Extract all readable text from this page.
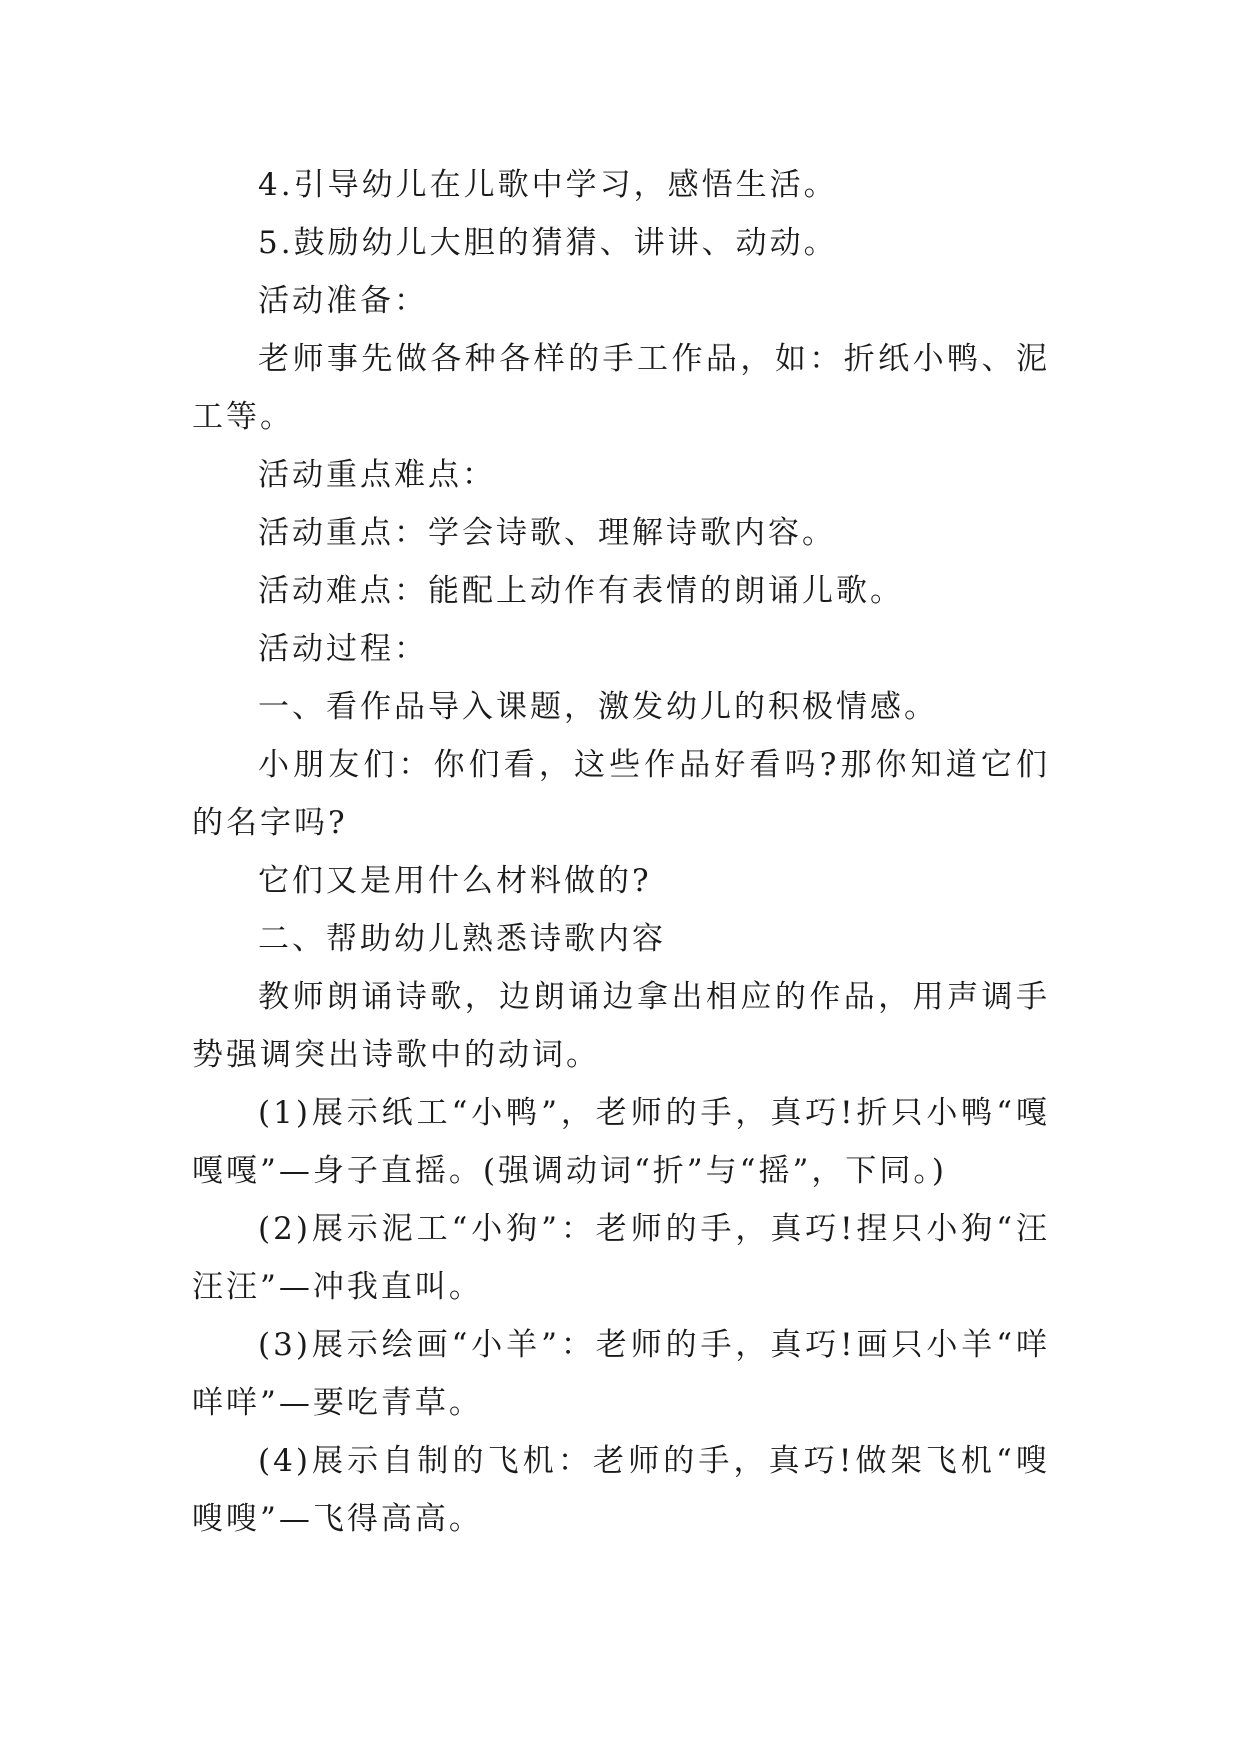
4.引导幼儿在儿歌中学习，感悟生活。

5.鼓励幼儿大胆的猜猜、讲讲、动动。

活动准备：

老师事先做各种各样的手工作品，如：折纸小鸭、泥工等。

活动重点难点：

活动重点：学会诗歌、理解诗歌内容。

活动难点：能配上动作有表情的朗诵儿歌。

活动过程：

一、看作品导入课题，激发幼儿的积极情感。

小朋友们：你们看，这些作品好看吗?那你知道它们的名字吗?

它们又是用什么材料做的?

二、帮助幼儿熟悉诗歌内容

教师朗诵诗歌，边朗诵边拿出相应的作品，用声调手势强调突出诗歌中的动词。

(1)展示纸工“小鸭”，老师的手，真巧!折只小鸭“嘎嘎嘎”—身子直摇。(强调动词“折”与“摇”，下同。)

(2)展示泥工“小狗”：老师的手，真巧!捏只小狗“汪汪汪”—冲我直叫。

(3)展示绘画“小羊”：老师的手，真巧!画只小羊“咩咩咩”—要吃青草。

(4)展示自制的飞机：老师的手，真巧!做架飞机“嗖嗖嗖”—飞得高高。
